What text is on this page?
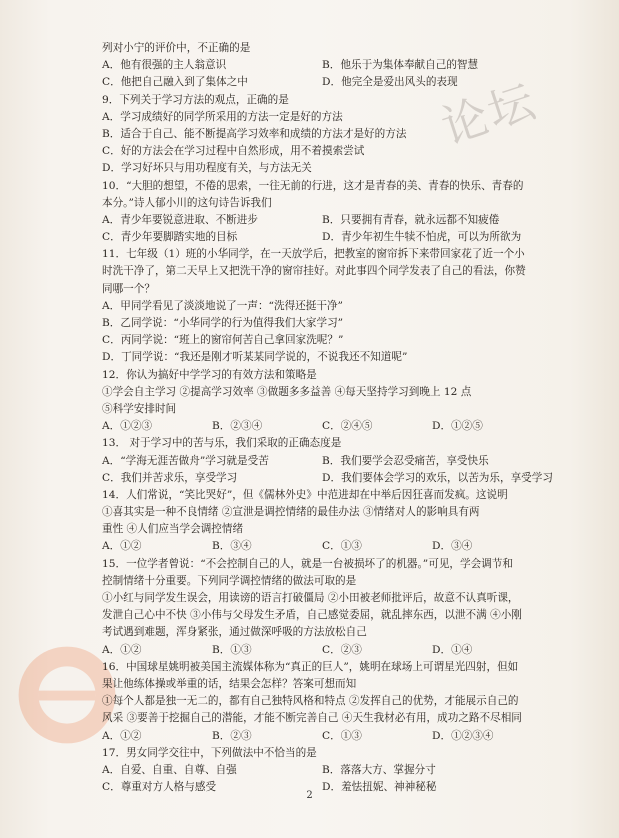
论坛
列对小宁的评价中，不正确的是
A．他有很强的主人翁意识	B．他乐于为集体奉献自己的智慧
C．他把自己融入到了集体之中	D．他完全是爱出风头的表现
9．下列关于学习方法的观点，正确的是
A．学习成绩好的同学所采用的方法一定是好的方法
B．适合于自己、能不断提高学习效率和成绩的方法才是好的方法
C．好的方法会在学习过程中自然形成，用不着摸索尝试
D．学习好坏只与用功程度有关，与方法无关
10．“大胆的想望，不倦的思索，一往无前的行进，这才是青春的美、青春的快乐、青春的
本分。”诗人郁小川的这句诗告诉我们
A．青少年要锐意进取、不断进步	B．只要拥有青春，就永远都不知疲倦
C．青少年要脚踏实地的目标	D．青少年初生牛犊不怕虎，可以为所欲为
11．七年级（1）班的小华同学，在一天放学后，把教室的窗帘拆下来带回家花了近一个小
时洗干净了，第二天早上又把洗干净的窗帘挂好。对此事四个同学发表了自己的看法，你赞
同哪一个？
A．甲同学看见了淡淡地说了一声：“洗得还挺干净”
B．乙同学说：“小华同学的行为值得我们大家学习”
C．丙同学说：“班上的窗帘何苦自己拿回家洗呢？”
D．丁同学说：“我还是刚才听某某同学说的，不说我还不知道呢”
12．你认为搞好中学学习的有效方法和策略是
①学会自主学习 ②提高学习效率 ③做题多多益善 ④每天坚持学习到晚上 12 点
⑤科学安排时间
A．①②③	B．②③④	C．②④⑤	D．①②⑤
13． 对于学习中的苦与乐，我们采取的正确态度是
A．“学海无涯苦做舟”学习就是受苦	B．我们要学会忍受痛苦，享受快乐
C．我们并苦求乐，享受学习	D．我们要体会学习的欢乐，以苦为乐，享受学习
14．人们常说，“笑比哭好”，但《儒林外史》中范进却在中举后因狂喜而发疯。这说明
①喜其实是一种不良情绪 ②宣泄是调控情绪的最佳办法 ③情绪对人的影响具有两
重性 ④人们应当学会调控情绪
A．①②	B．③④	C．①③	D．③④
15．一位学者曾说：“不会控制自己的人，就是一台被损坏了的机器。”可见，学会调节和
控制情绪十分重要。下列同学调控情绪的做法可取的是
①小红与同学发生误会，用读谤的语言打破僵局 ②小田被老师批评后，故意不认真听课，
发泄自己心中不快 ③小伟与父母发生矛盾，自己感觉委屈，就乱摔东西，以泄不满 ④小刚
考试遇到难题，浑身紧张，通过做深呼吸的方法放松自己
A．①②	B．①③	C．②③	D．①④
16．中国球星姚明被美国主流媒体称为“真正的巨人”，姚明在球场上可谓星光四射，但如
果让他练体操或举重的话，结果会怎样？答案可想而知
①每个人都是独一无二的，都有自己独特风格和特点 ②发挥自己的优势，才能展示自己的
风采 ③要善于挖掘自己的潜能，才能不断完善自己 ④天生我材必有用，成功之路不尽相同
A．①②	B．②③	C．①③	D．①②③④
17．男女同学交往中，下列做法中不恰当的是
A．自爱、自重、自尊、自强	B．落落大方、掌握分寸
C．尊重对方人格与感受	D．羞怯扭妮、神神秘秘
2
